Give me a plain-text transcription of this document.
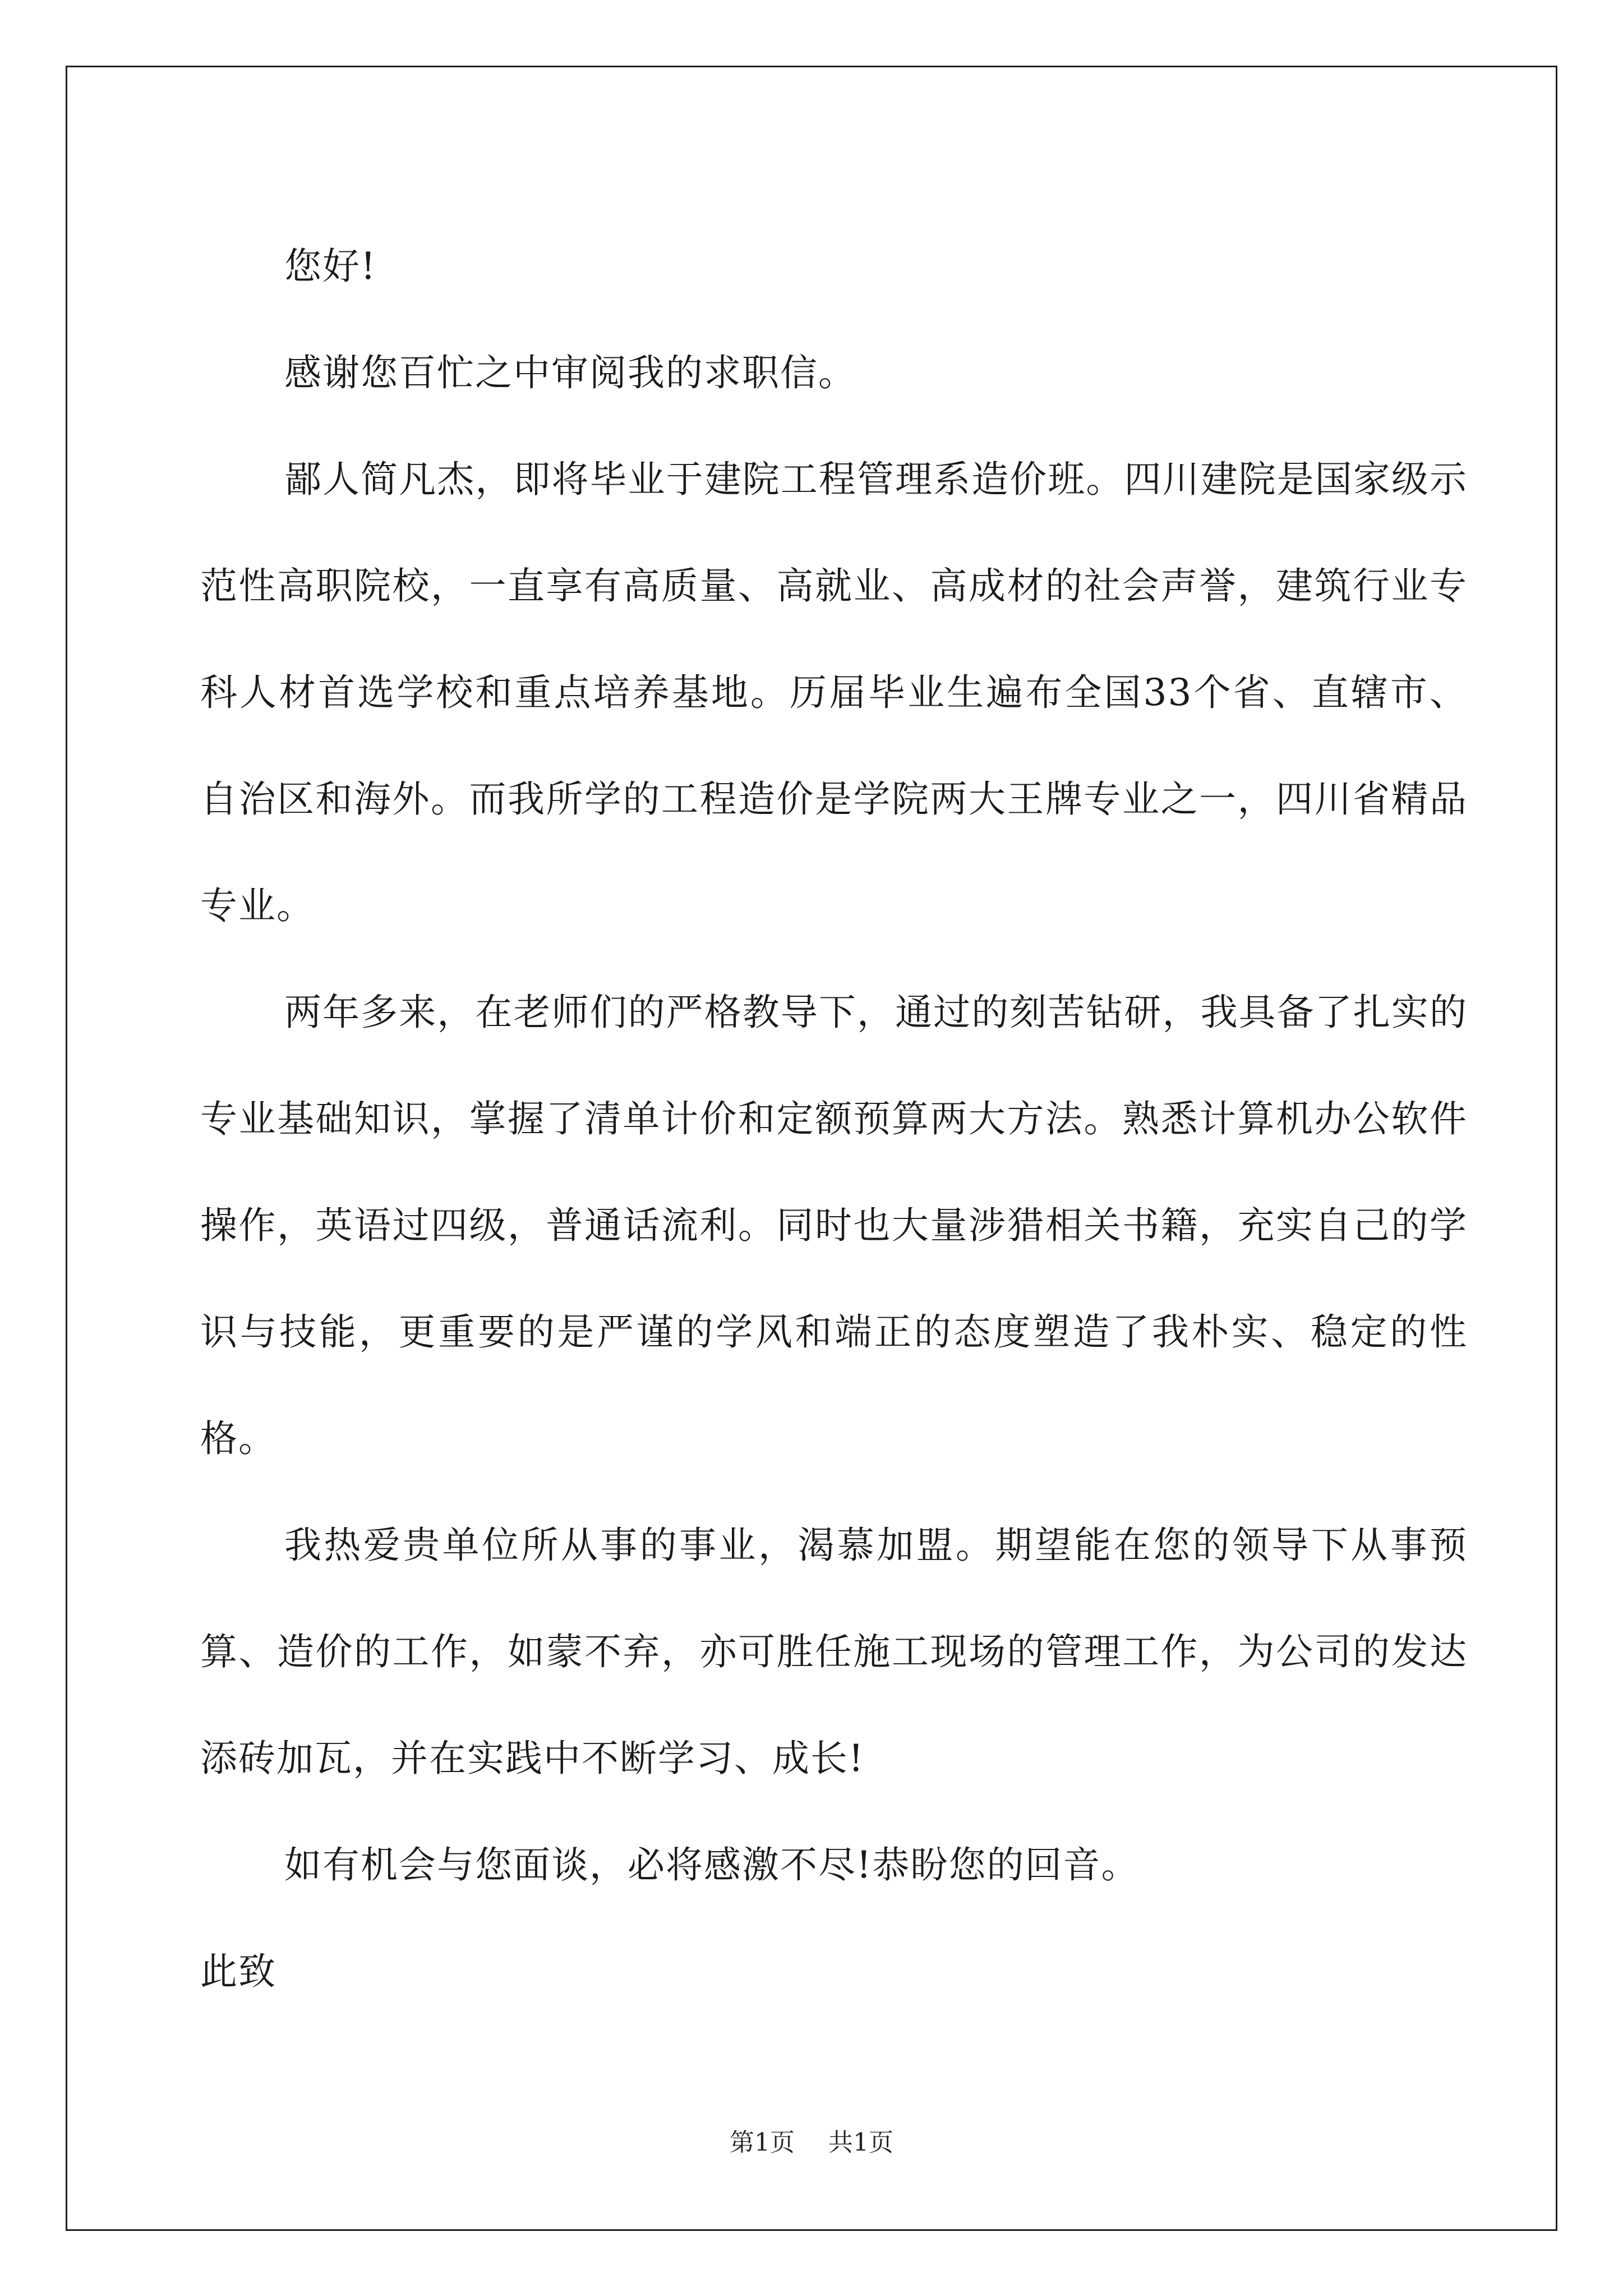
您好!

感谢您百忙之中审阅我的求职信。

鄙人简凡杰，即将毕业于建院工程管理系造价班。四川建院是国家级示范性高职院校，一直享有高质量、高就业、高成材的社会声誉，建筑行业专科人材首选学校和重点培养基地。历届毕业生遍布全国33个省、直辖市、自治区和海外。而我所学的工程造价是学院两大王牌专业之一，四川省精品专业。

两年多来，在老师们的严格教导下，通过的刻苦钻研，我具备了扎实的专业基础知识，掌握了清单计价和定额预算两大方法。熟悉计算机办公软件操作，英语过四级，普通话流利。同时也大量涉猎相关书籍，充实自己的学识与技能，更重要的是严谨的学风和端正的态度塑造了我朴实、稳定的性格。

我热爱贵单位所从事的事业，渴慕加盟。期望能在您的领导下从事预算、造价的工作，如蒙不弃，亦可胜任施工现场的管理工作，为公司的发达添砖加瓦，并在实践中不断学习、成长!

如有机会与您面谈，必将感激不尽!恭盼您的回音。

此致

第1页 共1页
